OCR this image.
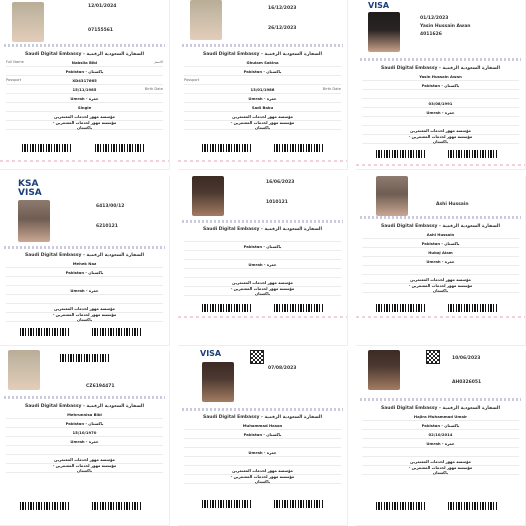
12/01/2024
07155561
Saudi Digital Embassy - السفارة السعودية الرقمية
Full Name	Nabsila Bibi	الاسم
Pakistan - باكستان
Passport	XD4317665
15/11/1985	Birth Date
Umrah - عمرة
Single
مؤسسة مهور لخدمات المعتمرين
مؤسسة مهور لخدمات المعتمرين - باكستان
16/12/2023
26/12/2023
Saudi Digital Embassy - السفارة السعودية الرقمية
Ghulam Sakina
Pakistan - باكستان
Passport
13/01/1986	Birth Date
Umrah - عمرة
Sadi Baku
مؤسسة مهور لخدمات المعتمرين
مؤسسة مهور لخدمات المعتمرين - باكستان
VISA
01/12/2023
Yasin Hussain Awan
4011626
Saudi Digital Embassy - السفارة السعودية الرقمية
Yasin Hussain Awan
Pakistan - باكستان
03/08/1991
Umrah - عمرة
مؤسسة مهور لخدمات المعتمرين
مؤسسة مهور لخدمات المعتمرين - باكستان
KSA VISA
6413/00/12
6210121
Saudi Digital Embassy - السفارة السعودية الرقمية
Mehek Naz
Pakistan - باكستان
Umrah - عمرة
مؤسسة مهور لخدمات المعتمرين
مؤسسة مهور لخدمات المعتمرين - باكستان
16/06/2023
1010121
Saudi Digital Embassy - السفارة السعودية الرقمية
Pakistan - باكستان
Umrah - عمرة
مؤسسة مهور لخدمات المعتمرين
مؤسسة مهور لخدمات المعتمرين - باكستان
Ashi Hussain
Saudi Digital Embassy - السفارة السعودية الرقمية
Ashi Hussain
Pakistan - باكستان
Hubaj Alam
Umrah - عمرة
مؤسسة مهور لخدمات المعتمرين
مؤسسة مهور لخدمات المعتمرين - باكستان
CZ6194471
Saudi Digital Embassy - السفارة السعودية الرقمية
Mehrunnisa Bibi
Pakistan - باكستان
15/10/1970
Umrah - عمرة
مؤسسة مهور لخدمات المعتمرين
مؤسسة مهور لخدمات المعتمرين - باكستان
VISA
07/08/2023
Saudi Digital Embassy - السفارة السعودية الرقمية
Muhammad Hasan
Pakistan - باكستان
Umrah - عمرة
مؤسسة مهور لخدمات المعتمرين
مؤسسة مهور لخدمات المعتمرين - باكستان
10/06/2023
AH0326051
Saudi Digital Embassy - السفارة السعودية الرقمية
Hajira Muhammad Umair
Pakistan - باكستان
02/10/2014
Umrah - عمرة
مؤسسة مهور لخدمات المعتمرين
مؤسسة مهور لخدمات المعتمرين - باكستان
